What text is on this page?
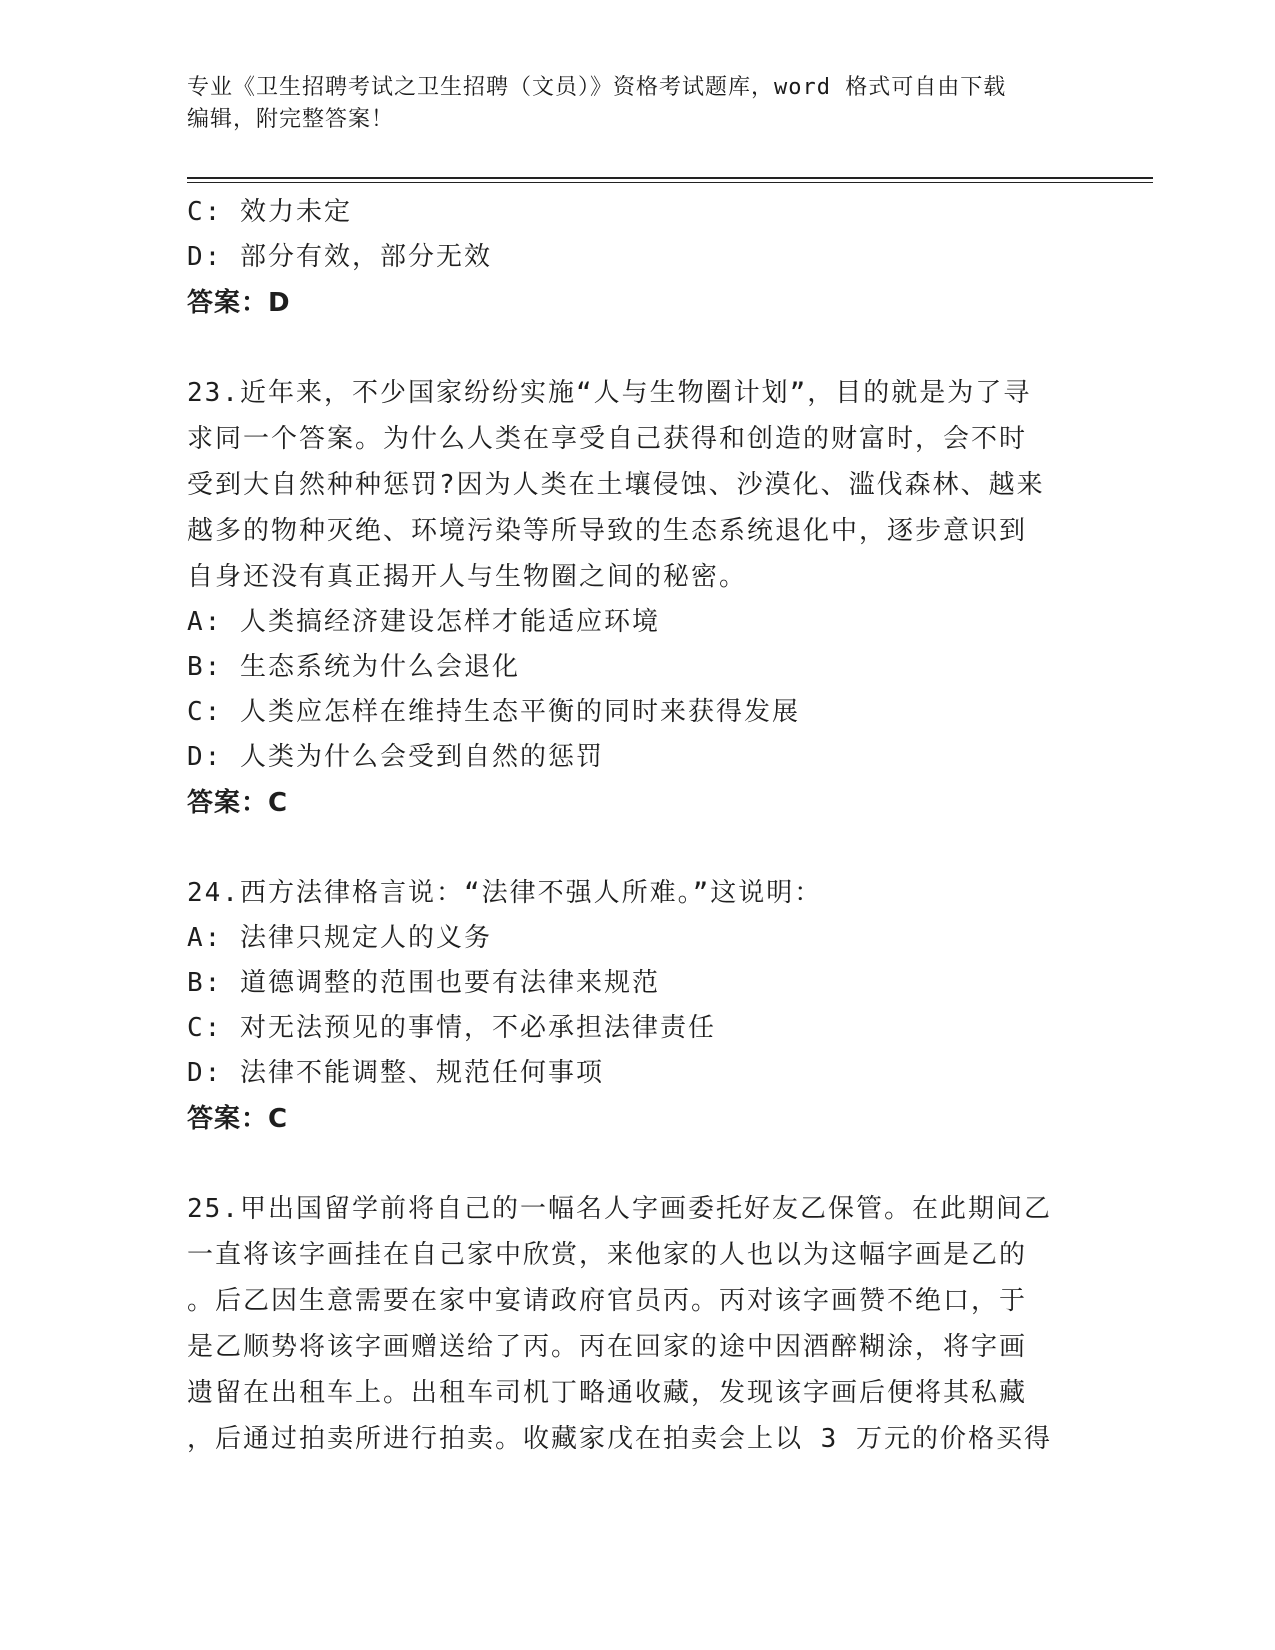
专业《卫生招聘考试之卫生招聘（文员）》资格考试题库，word 格式可自由下载
编辑，附完整答案！
C: 效力未定
D: 部分有效，部分无效
答案：D
23.近年来，不少国家纷纷实施“人与生物圈计划”，目的就是为了寻
求同一个答案。为什么人类在享受自己获得和创造的财富时，会不时
受到大自然种种惩罚?因为人类在土壤侵蚀、沙漠化、滥伐森林、越来
越多的物种灭绝、环境污染等所导致的生态系统退化中，逐步意识到
自身还没有真正揭开人与生物圈之间的秘密。
A: 人类搞经济建设怎样才能适应环境
B: 生态系统为什么会退化
C: 人类应怎样在维持生态平衡的同时来获得发展
D: 人类为什么会受到自然的惩罚
答案：C
24.西方法律格言说：“法律不强人所难。”这说明：
A: 法律只规定人的义务
B: 道德调整的范围也要有法律来规范
C: 对无法预见的事情，不必承担法律责任
D: 法律不能调整、规范任何事项
答案：C
25.甲出国留学前将自己的一幅名人字画委托好友乙保管。在此期间乙
一直将该字画挂在自己家中欣赏，来他家的人也以为这幅字画是乙的
。后乙因生意需要在家中宴请政府官员丙。丙对该字画赞不绝口，于
是乙顺势将该字画赠送给了丙。丙在回家的途中因酒醉糊涂，将字画
遗留在出租车上。出租车司机丁略通收藏，发现该字画后便将其私藏
，后通过拍卖所进行拍卖。收藏家戊在拍卖会上以 3 万元的价格买得
